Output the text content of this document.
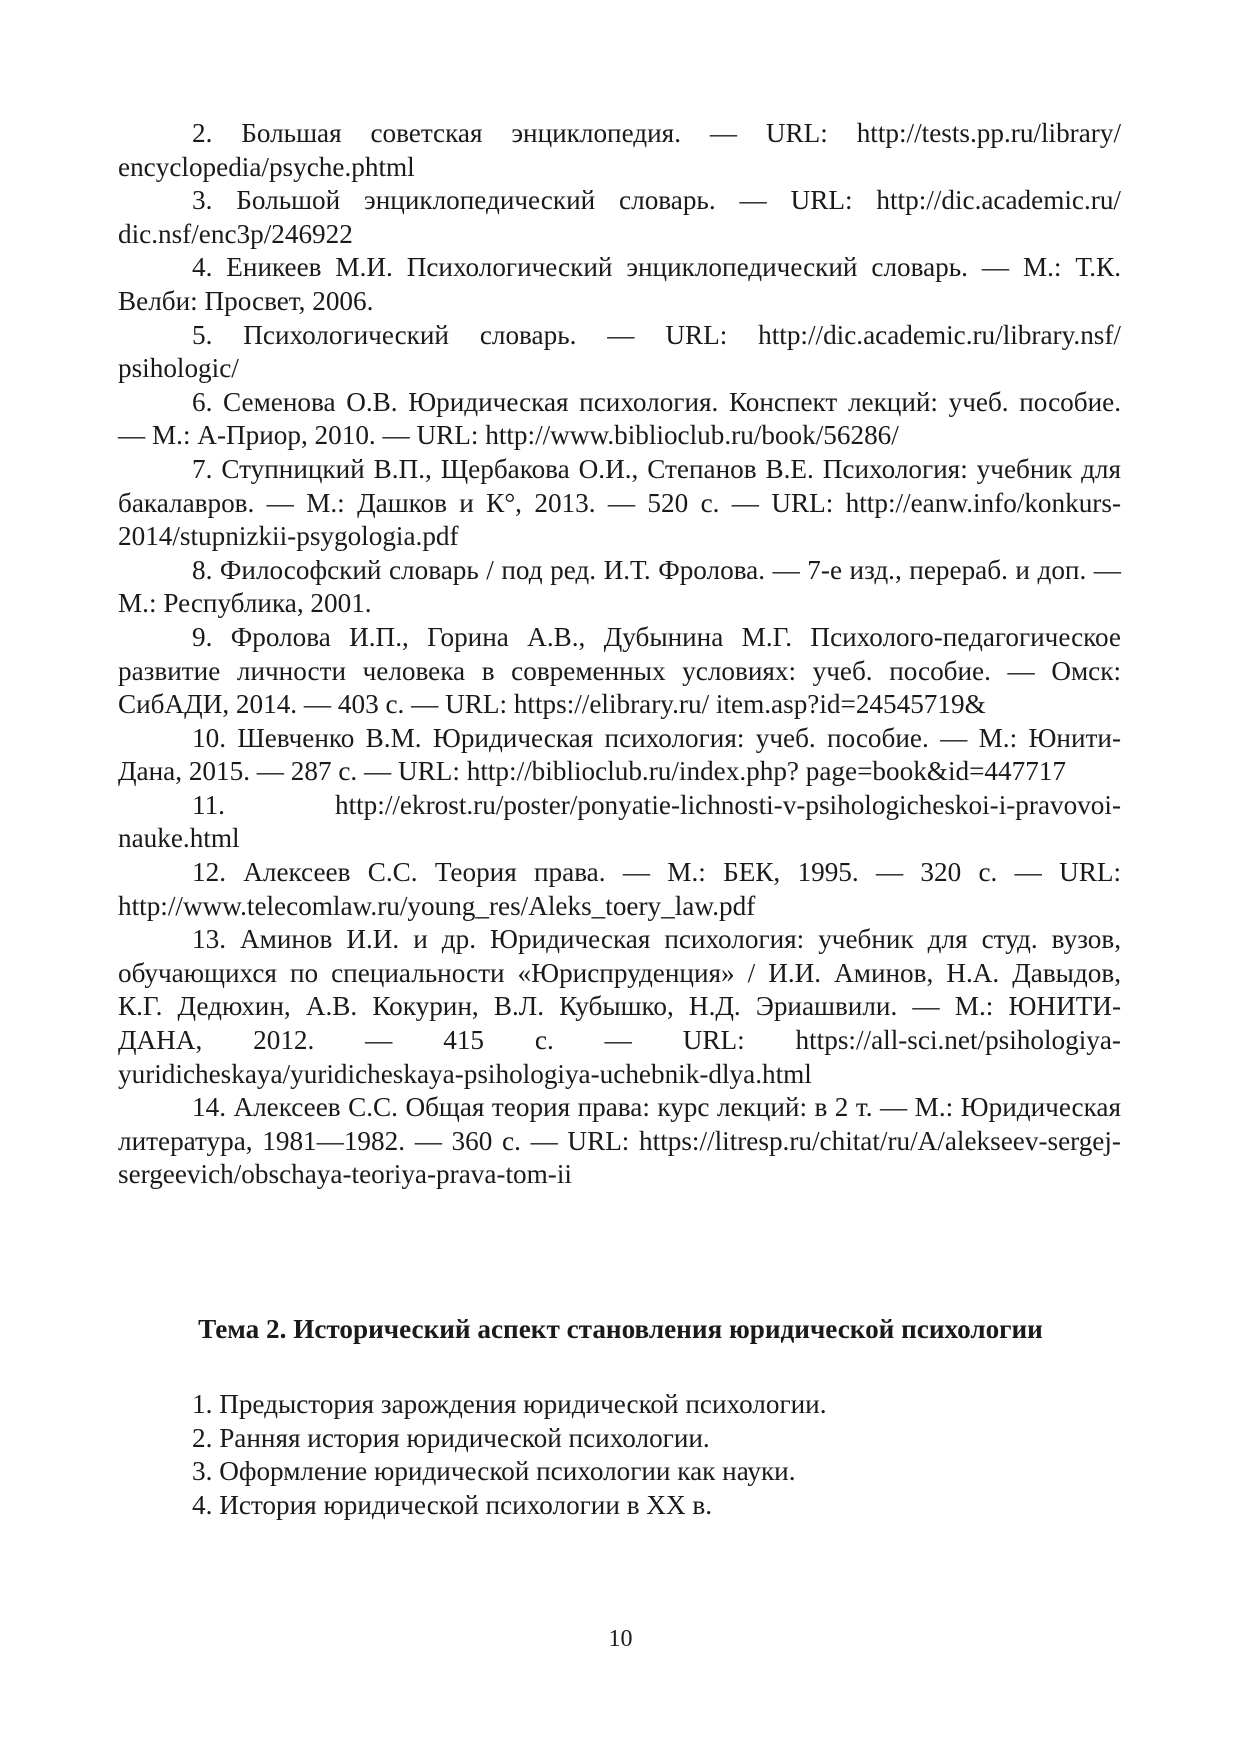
2. Большая советская энциклопедия. — URL: http://tests.pp.ru/library/ encyclopedia/psyche.phtml
3. Большой энциклопедический словарь. — URL: http://dic.academic.ru/ dic.nsf/enc3p/246922
4. Еникеев М.И. Психологический энциклопедический словарь. — М.: Т.К. Велби: Просвет, 2006.
5. Психологический словарь. — URL: http://dic.academic.ru/library.nsf/ psihologic/
6. Семенова О.В. Юридическая психология. Конспект лекций: учеб. пособие. — М.: А-Приор, 2010. — URL: http://www.biblioclub.ru/book/56286/
7. Ступницкий В.П., Щербакова О.И., Степанов В.Е. Психология: учебник для бакалавров. — М.: Дашков и К°, 2013. — 520 с. — URL: http://eanw.info/konkurs-2014/stupnizkii-psygologia.pdf
8. Философский словарь / под ред. И.Т. Фролова. — 7-е изд., перераб. и доп. — М.: Республика, 2001.
9. Фролова И.П., Горина А.В., Дубынина М.Г. Психолого-педагогическое развитие личности человека в современных условиях: учеб. пособие. — Омск: СибАДИ, 2014. — 403 с. — URL: https://elibrary.ru/ item.asp?id=24545719&
10. Шевченко В.М. Юридическая психология: учеб. пособие. — М.: Юнити-Дана, 2015. — 287 с. — URL: http://biblioclub.ru/index.php? page=book&id=447717
11. http://ekrost.ru/poster/ponyatie-lichnosti-v-psihologicheskoi-i-pravovoi-nauke.html
12. Алексеев С.С. Теория права. — М.: БЕК, 1995. — 320 с. — URL: http://www.telecomlaw.ru/young_res/Aleks_toery_law.pdf
13. Аминов И.И. и др. Юридическая психология: учебник для студ. вузов, обучающихся по специальности «Юриспруденция» / И.И. Аминов, Н.А. Давыдов, К.Г. Дедюхин, А.В. Кокурин, В.Л. Кубышко, Н.Д. Эриашвили. — М.: ЮНИТИ-ДАНА, 2012. — 415 с. — URL: https://all-sci.net/psihologiya-yuridicheskaya/yuridicheskaya-psihologiya-uchebnik-dlya.html
14. Алексеев С.С. Общая теория права: курс лекций: в 2 т. — М.: Юридическая литература, 1981—1982. — 360 с. — URL: https://litresp.ru/chitat/ru/A/alekseev-sergej-sergeevich/obschaya-teoriya-prava-tom-ii
Тема 2. Исторический аспект становления юридической психологии
1. Предыстория зарождения юридической психологии.
2. Ранняя история юридической психологии.
3. Оформление юридической психологии как науки.
4. История юридической психологии в XX в.
10
